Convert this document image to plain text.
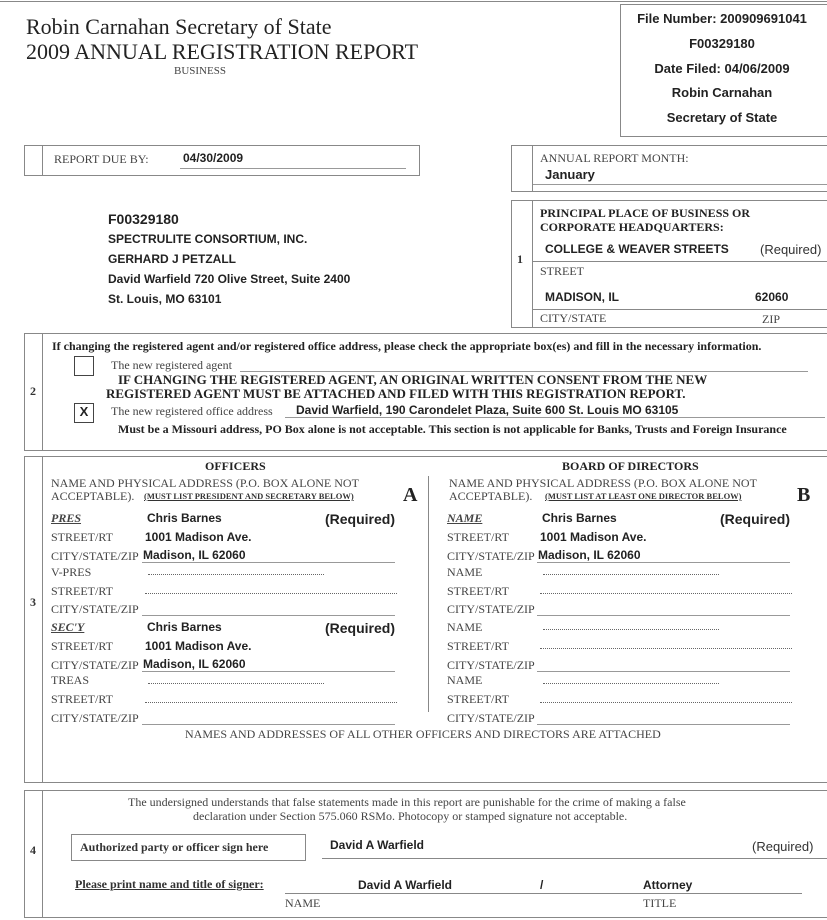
Robin Carnahan Secretary of State
2009 ANNUAL REGISTRATION REPORT
BUSINESS
File Number: 200909691041
F00329180
Date Filed: 04/06/2009
Robin Carnahan
Secretary of State
REPORT DUE BY:	04/30/2009	ANNUAL REPORT MONTH:
January
F00329180
SPECTRULITE CONSORTIUM, INC.
GERHARD J PETZALL
David Warfield 720 Olive Street, Suite 2400
St. Louis, MO 63101
1
PRINCIPAL PLACE OF BUSINESS OR
CORPORATE HEADQUARTERS:
COLLEGE & WEAVER STREETS (Required)
STREET
MADISON, IL	62060
CITY/STATE	ZIP
2
If changing the registered agent and/or registered office address, please check the appropriate box(es) and fill in the necessary information.
The new registered agent
IF CHANGING THE REGISTERED AGENT, AN ORIGINAL WRITTEN CONSENT FROM THE NEW
REGISTERED AGENT MUST BE ATTACHED AND FILED WITH THIS REGISTRATION REPORT.
X	The new registered office address David Warfield, 190 Carondelet Plaza, Suite 600 St. Louis MO 63105
Must be a Missouri address, PO Box alone is not acceptable. This section is not applicable for Banks, Trusts and Foreign Insurance
3
OFFICERS
NAME AND PHYSICAL ADDRESS (P.O. BOX ALONE NOT
ACCEPTABLE). (MUST LIST PRESIDENT AND SECRETARY BELOW) A
PRES	Chris Barnes	(Required)
STREET/RT	1001 Madison Ave.
CITY/STATE/ZIP Madison, IL 62060
V-PRES
STREET/RT
CITY/STATE/ZIP
SEC'Y	Chris Barnes	(Required)
STREET/RT	1001 Madison Ave.
CITY/STATE/ZIP Madison, IL 62060
TREAS
STREET/RT
CITY/STATE/ZIP
BOARD OF DIRECTORS
NAME AND PHYSICAL ADDRESS (P.O. BOX ALONE NOT
ACCEPTABLE). (MUST LIST AT LEAST ONE DIRECTOR BELOW)	B
NAME	Chris Barnes	(Required)
STREET/RT	1001 Madison Ave.
CITY/STATE/ZIP Madison, IL 62060
NAME
STREET/RT
CITY/STATE/ZIP
NAME
STREET/RT
CITY/STATE/ZIP
NAME
STREET/RT
CITY/STATE/ZIP
NAMES AND ADDRESSES OF ALL OTHER OFFICERS AND DIRECTORS ARE ATTACHED
4
The undersigned understands that false statements made in this report are punishable for the crime of making a false
declaration under Section 575.060 RSMo. Photocopy or stamped signature not acceptable.
Authorized party or officer sign here	David A Warfield	(Required)
Please print name and title of signer:	David A Warfield	/	Attorney
NAME	TITLE
